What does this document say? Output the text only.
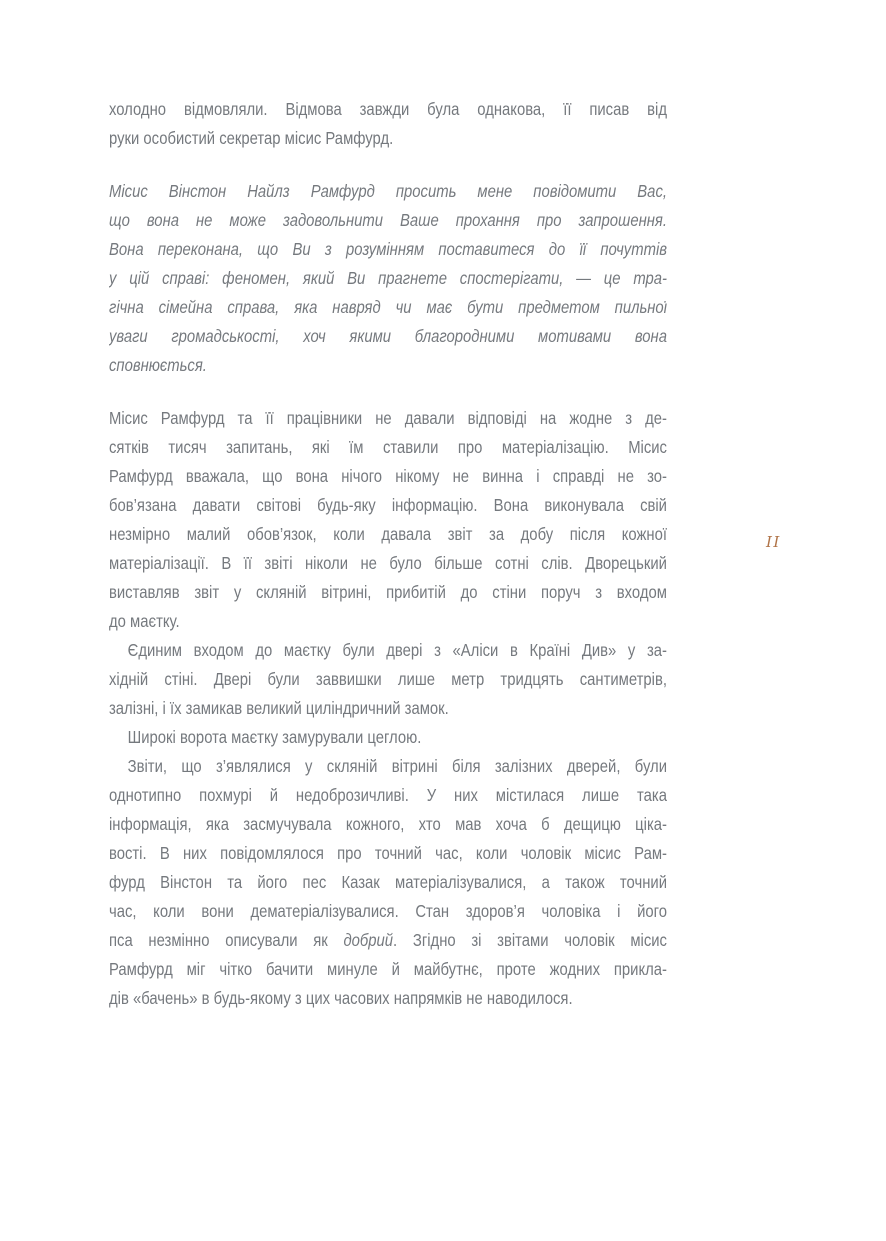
холодно відмовляли. Відмова завжди була однакова, її писав від
руки особистий секретар місис Рамфурд.
Місис Вінстон Найлз Рамфурд просить мене повідомити Вас,
що вона не може задовольнити Ваше прохання про запрошення.
Вона переконана, що Ви з розумінням поставитеся до її почуттів
у цій справі: феномен, який Ви прагнете спостерігати, — це тра-
гічна сімейна справа, яка навряд чи має бути предметом пильної
уваги громадськості, хоч якими благородними мотивами вона
сповнюється.
Місис Рамфурд та її працівники не давали відповіді на жодне з де-
сятків тисяч запитань, які їм ставили про матеріалізацію. Місис
Рамфурд вважала, що вона нічого нікому не винна і справді не зо-
бов’язана давати світові будь-яку інформацію. Вона виконувала свій
незмірно малий обов’язок, коли давала звіт за добу після кожної
матеріалізації. В її звіті ніколи не було більше сотні слів. Дворецький
виставляв звіт у скляній вітрині, прибитій до стіни поруч з входом
до маєтку.
Єдиним входом до маєтку були двері з «Аліси в Країні Див» у за-
хідній стіні. Двері були заввишки лише метр тридцять сантиметрів,
залізні, і їх замикав великий циліндричний замок.
Широкі ворота маєтку замурували цеглою.
Звіти, що з’являлися у скляній вітрині біля залізних дверей, були
однотипно похмурі й недоброзичливі. У них містилася лише така
інформація, яка засмучувала кожного, хто мав хоча б дещицю ціка-
вості. В них повідомлялося про точний час, коли чоловік місис Рам-
фурд Вінстон та його пес Казак матеріалізувалися, а також точний
час, коли вони дематеріалізувалися. Стан здоров’я чоловіка і його
пса незмінно описували як добрий. Згідно зі звітами чоловік місис
Рамфурд міг чітко бачити минуле й майбутнє, проте жодних прикла-
дів «бачень» в будь-якому з цих часових напрямків не наводилося.
II
